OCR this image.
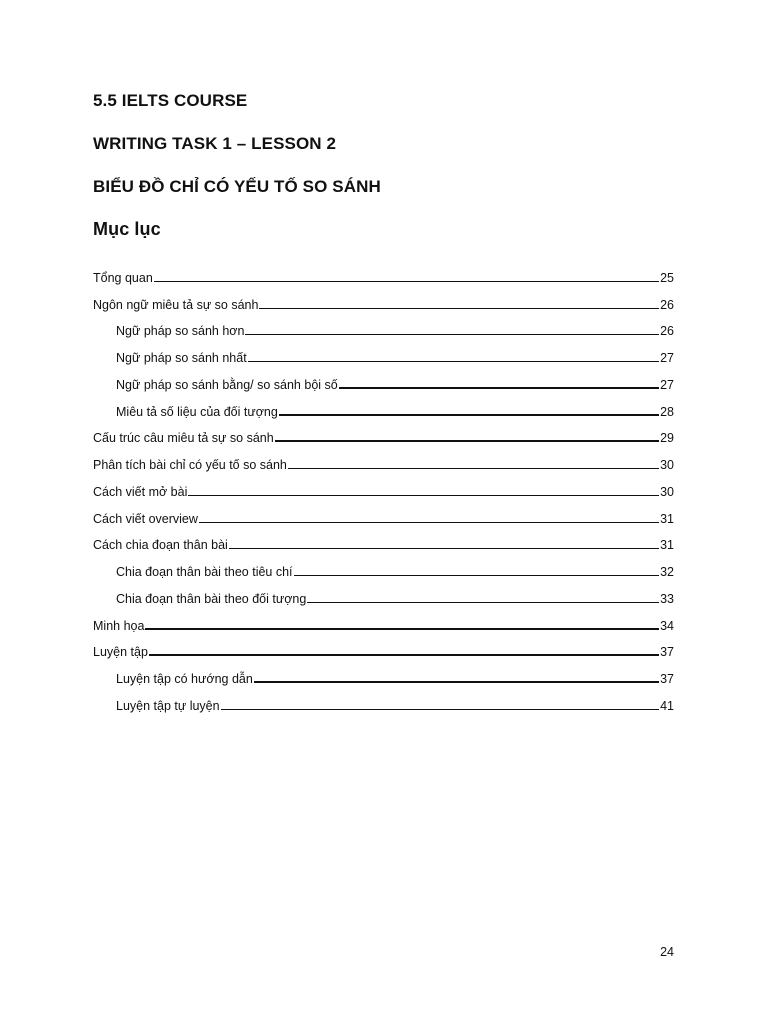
5.5 IELTS COURSE
WRITING TASK 1 – LESSON 2
BIỂU ĐỒ CHỈ CÓ YẾU TỐ SO SÁNH
Mục lục
Tổng quan	25
Ngôn ngữ miêu tả sự so sánh	26
Ngữ pháp so sánh hơn	26
Ngữ pháp so sánh nhất	27
Ngữ pháp so sánh bằng/ so sánh bội số	27
Miêu tả số liệu của đối tượng	28
Cấu trúc câu miêu tả sự so sánh	29
Phân tích bài chỉ có yếu tố so sánh	30
Cách viết mở bài	30
Cách viết overview	31
Cách chia đoạn thân bài	31
Chia đoạn thân bài theo tiêu chí	32
Chia đoạn thân bài theo đối tượng	33
Minh họa	34
Luyện tập	37
Luyện tập có hướng dẫn	37
Luyện tập tự luyện	41
24
